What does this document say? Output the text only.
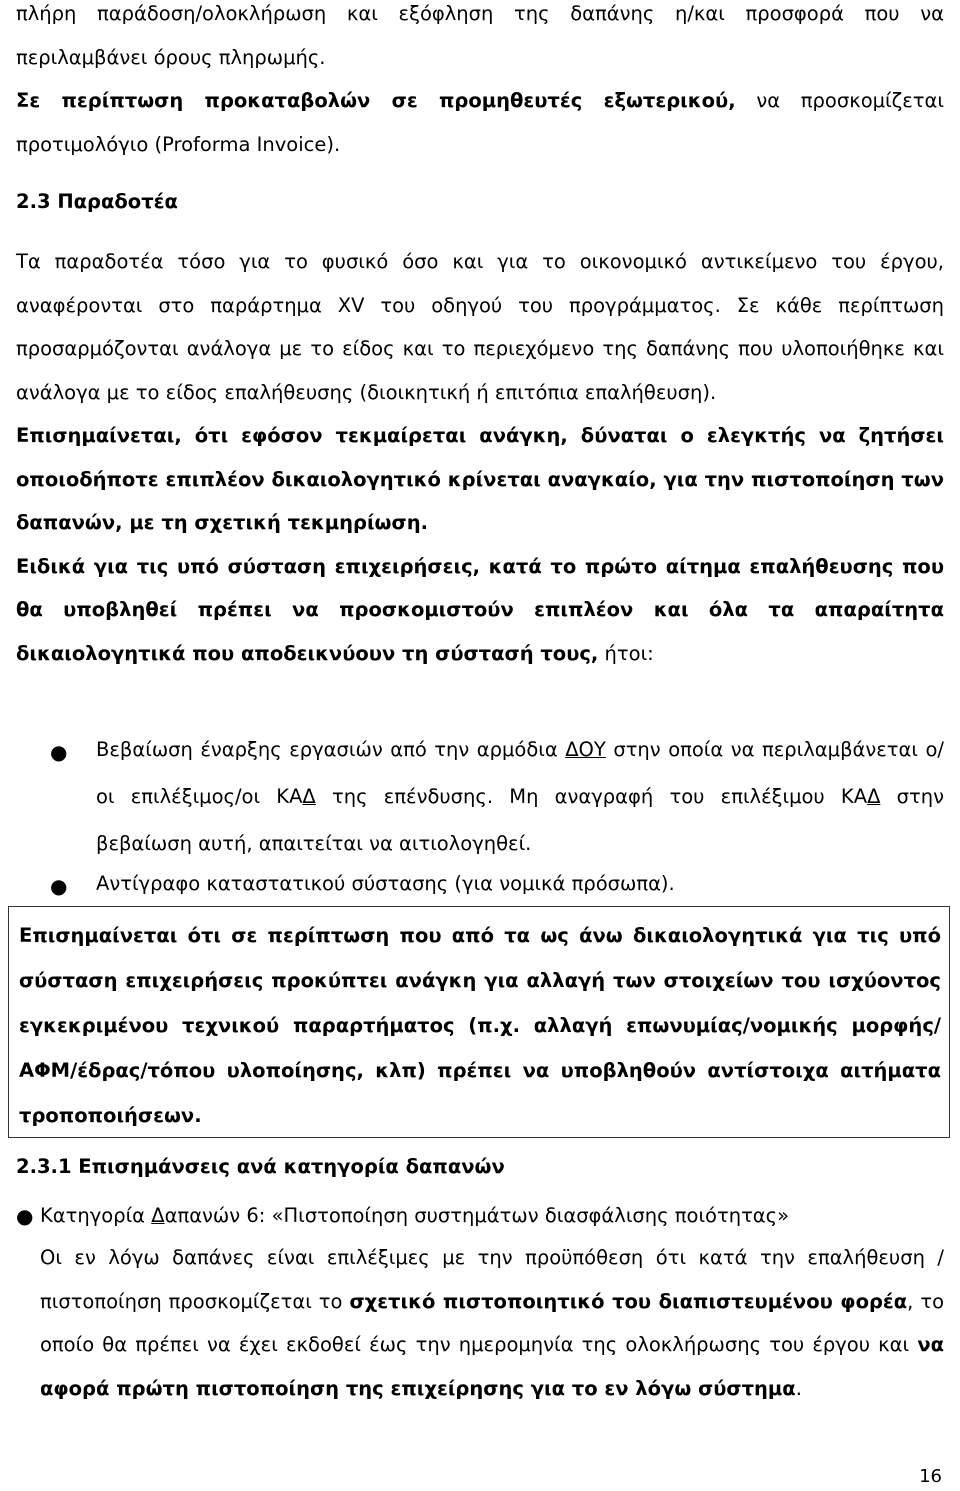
πλήρη παράδοση/ολοκλήρωση και εξόφληση της δαπάνης η/και προσφορά που να περιλαμβάνει όρους πληρωμής.
Σε περίπτωση προκαταβολών σε προμηθευτές εξωτερικού, να προσκομίζεται προτιμολόγιο (Proforma Invoice).

2.3 Παραδοτέα

Τα παραδοτέα τόσο για το φυσικό όσο και για το οικονομικό αντικείμενο του έργου, αναφέρονται στο παράρτημα XV του οδηγού του προγράμματος. Σε κάθε περίπτωση προσαρμόζονται ανάλογα με το είδος και το περιεχόμενο της δαπάνης που υλοποιήθηκε και ανάλογα με το είδος επαλήθευσης (διοικητική ή επιτόπια επαλήθευση).
Επισημαίνεται, ότι εφόσον τεκμαίρεται ανάγκη, δύναται ο ελεγκτής να ζητήσει οποιοδήποτε επιπλέον δικαιολογητικό κρίνεται αναγκαίο, για την πιστοποίηση των δαπανών, με τη σχετική τεκμηρίωση.
Ειδικά για τις υπό σύσταση επιχειρήσεις, κατά το πρώτο αίτημα επαλήθευσης που θα υποβληθεί πρέπει να προσκομιστούν επιπλέον και όλα τα απαραίτητα δικαιολογητικά που αποδεικνύουν τη σύστασή τους, ήτοι:

● Βεβαίωση έναρξης εργασιών από την αρμόδια ΔΟΥ στην οποία να περιλαμβάνεται ο/οι επιλέξιμος/οι ΚΑΔ της επένδυσης. Μη αναγραφή του επιλέξιμου ΚΑΔ στην βεβαίωση αυτή, απαιτείται να αιτιολογηθεί.

● Αντίγραφο καταστατικού σύστασης (για νομικά πρόσωπα).

Επισημαίνεται ότι σε περίπτωση που από τα ως άνω δικαιολογητικά για τις υπό σύσταση επιχειρήσεις προκύπτει ανάγκη για αλλαγή των στοιχείων του ισχύοντος εγκεκριμένου τεχνικού παραρτήματος (π.χ. αλλαγή επωνυμίας/νομικής μορφής/ΑΦΜ/έδρας/τόπου υλοποίησης, κλπ) πρέπει να υποβληθούν αντίστοιχα αιτήματα τροποποιήσεων.

2.3.1 Επισημάνσεις ανά κατηγορία δαπανών

● Κατηγορία Δαπανών 6: «Πιστοποίηση συστημάτων διασφάλισης ποιότητας»

Οι εν λόγω δαπάνες είναι επιλέξιμες με την προϋπόθεση ότι κατά την επαλήθευση /πιστοποίηση προσκομίζεται το σχετικό πιστοποιητικό του διαπιστευμένου φορέα, το οποίο θα πρέπει να έχει εκδοθεί έως την ημερομηνία της ολοκλήρωσης του έργου και να αφορά πρώτη πιστοποίηση της επιχείρησης για το εν λόγω σύστημα.

16
